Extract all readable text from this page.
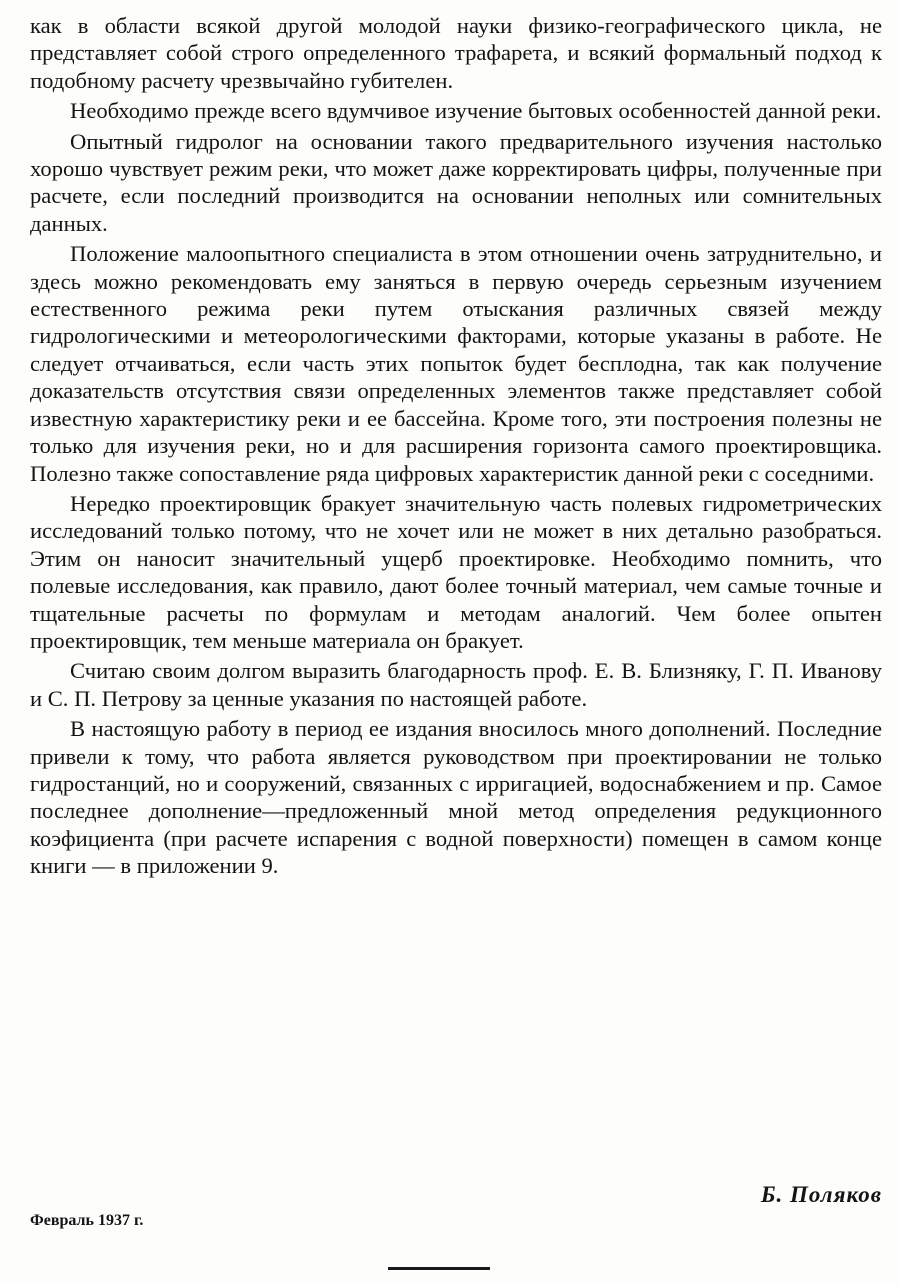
как в области всякой другой молодой науки физико-географического цикла, не представляет собой строго определенного трафарета, и всякий формальный подход к подобному расчету чрезвычайно губителен.

Необходимо прежде всего вдумчивое изучение бытовых особенностей данной реки.

Опытный гидролог на основании такого предварительного изучения настолько хорошо чувствует режим реки, что может даже корректировать цифры, полученные при расчете, если последний производится на основании неполных или сомнительных данных.

Положение малоопытного специалиста в этом отношении очень затруднительно, и здесь можно рекомендовать ему заняться в первую очередь серьезным изучением естественного режима реки путем отыскания различных связей между гидрологическими и метеорологическими факторами, которые указаны в работе. Не следует отчаиваться, если часть этих попыток будет бесплодна, так как получение доказательств отсутствия связи определенных элементов также представляет собой известную характеристику реки и ее бассейна. Кроме того, эти построения полезны не только для изучения реки, но и для расширения горизонта самого проектировщика. Полезно также сопоставление ряда цифровых характеристик данной реки с соседними.

Нередко проектировщик бракует значительную часть полевых гидрометрических исследований только потому, что не хочет или не может в них детально разобраться. Этим он наносит значительный ущерб проектировке. Необходимо помнить, что полевые исследования, как правило, дают более точный материал, чем самые точные и тщательные расчеты по формулам и методам аналогий. Чем более опытен проектировщик, тем меньше материала он бракует.

Считаю своим долгом выразить благодарность проф. Е. В. Близняку, Г. П. Иванову и С. П. Петрову за ценные указания по настоящей работе.

В настоящую работу в период ее издания вносилось много дополнений. Последние привели к тому, что работа является руководством при проектировании не только гидростанций, но и сооружений, связанных с ирригацией, водоснабжением и пр. Самое последнее дополнение—предложенный мной метод определения редукционного коэфициента (при расчете испарения с водной поверхности) помещен в самом конце книги — в приложении 9.

Б. Поляков
Февраль 1937 г.
